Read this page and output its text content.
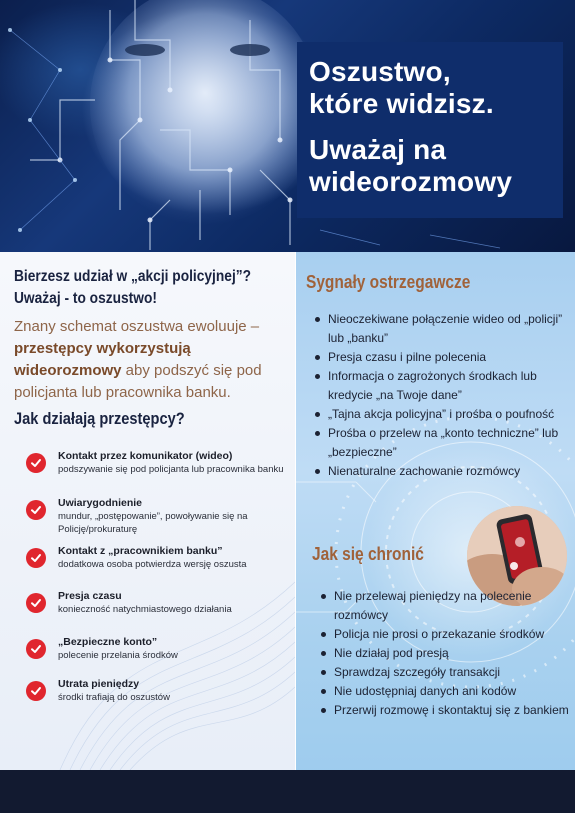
Oszustwo,
które widzisz.
Uważaj na
wideorozmowy
Bierzesz udział w „akcji policyjnej”?
Uważaj - to oszustwo!
Znany schemat oszustwa ewoluuje – przestępcy wykorzystują wideorozmowy aby podszyć się pod policjanta lub pracownika banku.
Jak działają przestępcy?
Kontakt przez komunikator (wideo)
podszywanie się pod policjanta lub pracownika banku
Uwiarygodnienie
mundur, „postępowanie”, powoływanie się na Policję/prokuraturę
Kontakt z „pracownikiem banku”
dodatkowa osoba potwierdza wersję oszusta
Presja czasu
konieczność natychmiastowego działania
„Bezpieczne konto”
polecenie przelania środków
Utrata pieniędzy
środki trafiają do oszustów
Sygnały ostrzegawcze
Nieoczekiwane połączenie wideo od „policji” lub „banku”
Presja czasu i pilne polecenia
Informacja o zagrożonych środkach lub kredycie „na Twoje dane”
„Tajna akcja policyjna” i prośba o poufność
Prośba o przelew na „konto techniczne” lub „bezpieczne”
Nienaturalne zachowanie rozmówcy
Jak się chronić
Nie przelewaj pieniędzy na polecenie rozmówcy
Policja nie prosi o przekazanie środków
Nie działaj pod presją
Sprawdzaj szczegóły transakcji
Nie udostępniaj danych ani kodów
Przerwij rozmowę i skontaktuj się z bankiem
